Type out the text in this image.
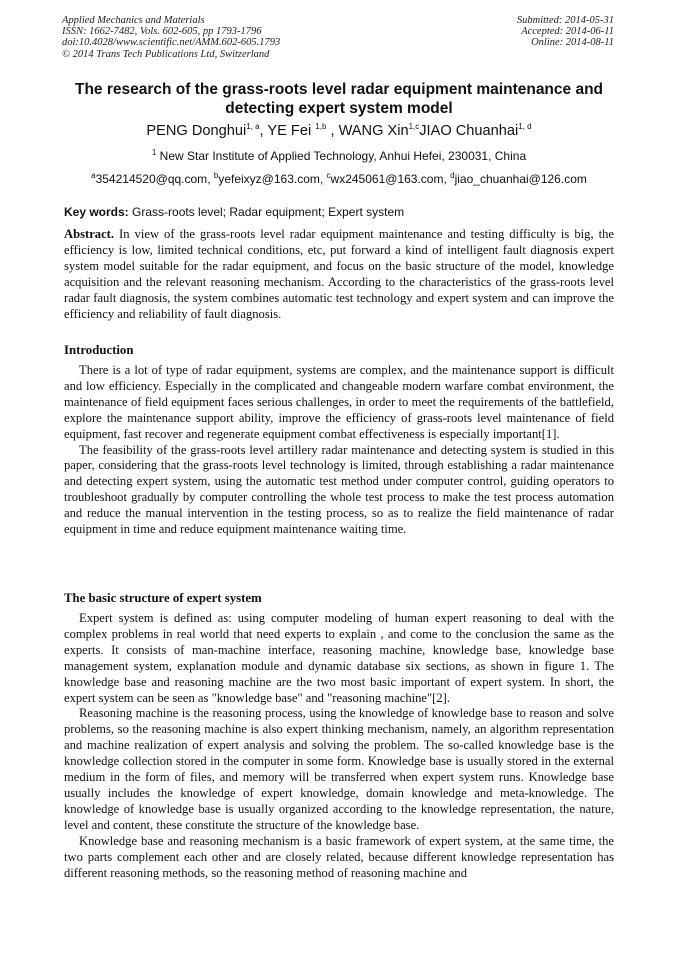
Applied Mechanics and Materials
ISSN: 1662-7482, Vols. 602-605, pp 1793-1796
doi:10.4028/www.scientific.net/AMM.602-605.1793
© 2014 Trans Tech Publications Ltd, Switzerland
Submitted: 2014-05-31
Accepted: 2014-06-11
Online: 2014-08-11
The research of the grass-roots level radar equipment maintenance and detecting expert system model
PENG Donghui$^{1, a}$, YE Fei $^{1,b}$ , WANG Xin$^{1,c}$JIAO Chuanhai$^{1, d}$
$^1$ New Star Institute of Applied Technology, Anhui Hefei, 230031, China
$^a$354214520@qq.com, $^b$yefeixyz@163.com, $^c$wx245061@163.com, $^d$jiao_chuanhai@126.com
Key words: Grass-roots level; Radar equipment; Expert system

Abstract. In view of the grass-roots level radar equipment maintenance and testing difficulty is big, the efficiency is low, limited technical conditions, etc, put forward a kind of intelligent fault diagnosis expert system model suitable for the radar equipment, and focus on the basic structure of the model, knowledge acquisition and the relevant reasoning mechanism. According to the characteristics of the grass-roots level radar fault diagnosis, the system combines automatic test technology and expert system and can improve the efficiency and reliability of fault diagnosis.

Introduction

There is a lot of type of radar equipment, systems are complex, and the maintenance support is difficult and low efficiency. Especially in the complicated and changeable modern warfare combat environment, the maintenance of field equipment faces serious challenges, in order to meet the requirements of the battlefield, explore the maintenance support ability, improve the efficiency of grass-roots level maintenance of field equipment, fast recover and regenerate equipment combat effectiveness is especially important[1].

The feasibility of the grass-roots level artillery radar maintenance and detecting system is studied in this paper, considering that the grass-roots level technology is limited, through establishing a radar maintenance and detecting expert system, using the automatic test method under computer control, guiding operators to troubleshoot gradually by computer controlling the whole test process to make the test process automation and reduce the manual intervention in the testing process, so as to realize the field maintenance of radar equipment in time and reduce equipment maintenance waiting time.

The basic structure of expert system

Expert system is defined as: using computer modeling of human expert reasoning to deal with the complex problems in real world that need experts to explain , and come to the conclusion the same as the experts. It consists of man-machine interface, reasoning machine, knowledge base, knowledge base management system, explanation module and dynamic database six sections, as shown in figure 1. The knowledge base and reasoning machine are the two most basic important of expert system. In short, the expert system can be seen as "knowledge base" and "reasoning machine"[2].

Reasoning machine is the reasoning process, using the knowledge of knowledge base to reason and solve problems, so the reasoning machine is also expert thinking mechanism, namely, an algorithm representation and machine realization of expert analysis and solving the problem. The so-called knowledge base is the knowledge collection stored in the computer in some form. Knowledge base is usually stored in the external medium in the form of files, and memory will be transferred when expert system runs. Knowledge base usually includes the knowledge of expert knowledge, domain knowledge and meta-knowledge. The knowledge of knowledge base is usually organized according to the knowledge representation, the nature, level and content, these constitute the structure of the knowledge base.

Knowledge base and reasoning mechanism is a basic framework of expert system, at the same time, the two parts complement each other and are closely related, because different knowledge representation has different reasoning methods, so the reasoning method of reasoning machine and
